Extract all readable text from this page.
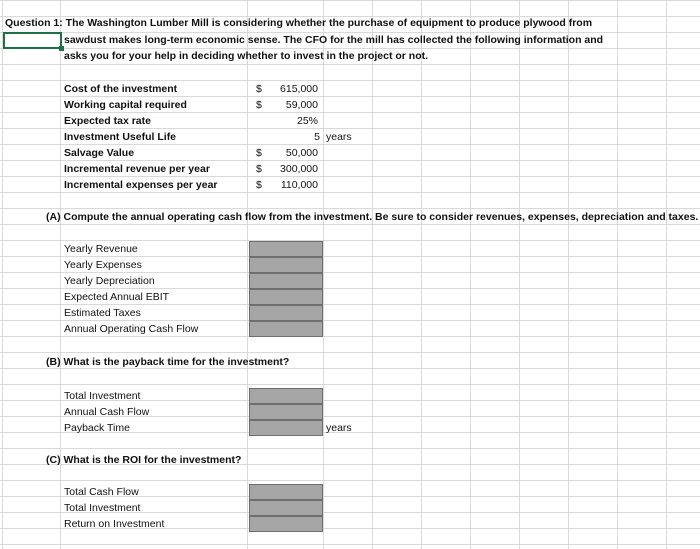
Question 1: The Washington Lumber Mill is considering whether the purchase of equipment to produce plywood from
sawdust makes long-term economic sense. The CFO for the mill has collected the following information and
asks you for your help in deciding whether to invest in the project or not.
Cost of the investment	$	615,000
Working capital required	$	59,000
Expected tax rate	25%
Investment Useful Life	5 years
Salvage Value	$	50,000
Incremental revenue per year	$	300,000
Incremental expenses per year	$	110,000
(A) Compute the annual operating cash flow from the investment. Be sure to consider revenues, expenses, depreciation and taxes.
Yearly Revenue
Yearly Expenses
Yearly Depreciation
Expected Annual EBIT
Estimated Taxes
Annual Operating Cash Flow
(B) What is the payback time for the investment?
Total Investment
Annual Cash Flow
Payback Time	years
(C) What is the ROI for the investment?
Total Cash Flow
Total Investment
Return on Investment
